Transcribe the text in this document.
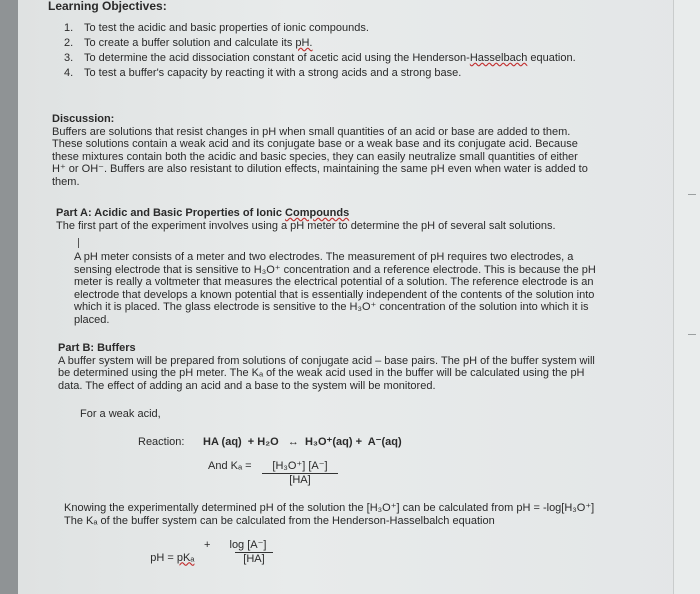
Learning Objectives:
1. To test the acidic and basic properties of ionic compounds.
2. To create a buffer solution and calculate its pH.
3. To determine the acid dissociation constant of acetic acid using the Henderson-Hasselbach equation.
4. To test a buffer's capacity by reacting it with a strong acids and a strong base.
Discussion:
Buffers are solutions that resist changes in pH when small quantities of an acid or base are added to them.
These solutions contain a weak acid and its conjugate base or a weak base and its conjugate acid. Because
these mixtures contain both the acidic and basic species, they can easily neutralize small quantities of either
H⁺ or OH⁻. Buffers are also resistant to dilution effects, maintaining the same pH even when water is added to
them.
Part A: Acidic and Basic Properties of Ionic Compounds
The first part of the experiment involves using a pH meter to determine the pH of several salt solutions.
A pH meter consists of a meter and two electrodes. The measurement of pH requires two electrodes, a
sensing electrode that is sensitive to H₃O⁺ concentration and a reference electrode. This is because the pH
meter is really a voltmeter that measures the electrical potential of a solution. The reference electrode is an
electrode that develops a known potential that is essentially independent of the contents of the solution into
which it is placed. The glass electrode is sensitive to the H₃O⁺ concentration of the solution into which it is
placed.
Part B: Buffers
A buffer system will be prepared from solutions of conjugate acid – base pairs. The pH of the buffer system will
be determined using the pH meter. The Kₐ of the weak acid used in the buffer will be calculated using the pH
data. The effect of adding an acid and a base to the system will be monitored.
For a weak acid,
Reaction: HA (aq)  + H₂O   ↔  H₃O⁺(aq) +  A⁻(aq)
And $K_a = \frac{\text{[H₃O⁺] [A⁻]}}{[HA]}$
Knowing the experimentally determined pH of the solution the [H₃O⁺] can be calculated from pH = -log[H₃O⁺]
The Kₐ of the buffer system can be calculated from the Henderson-Hasselbalch equation

pH = pKₐ

+ $\frac{\log [A^-]}{[HA]}$
